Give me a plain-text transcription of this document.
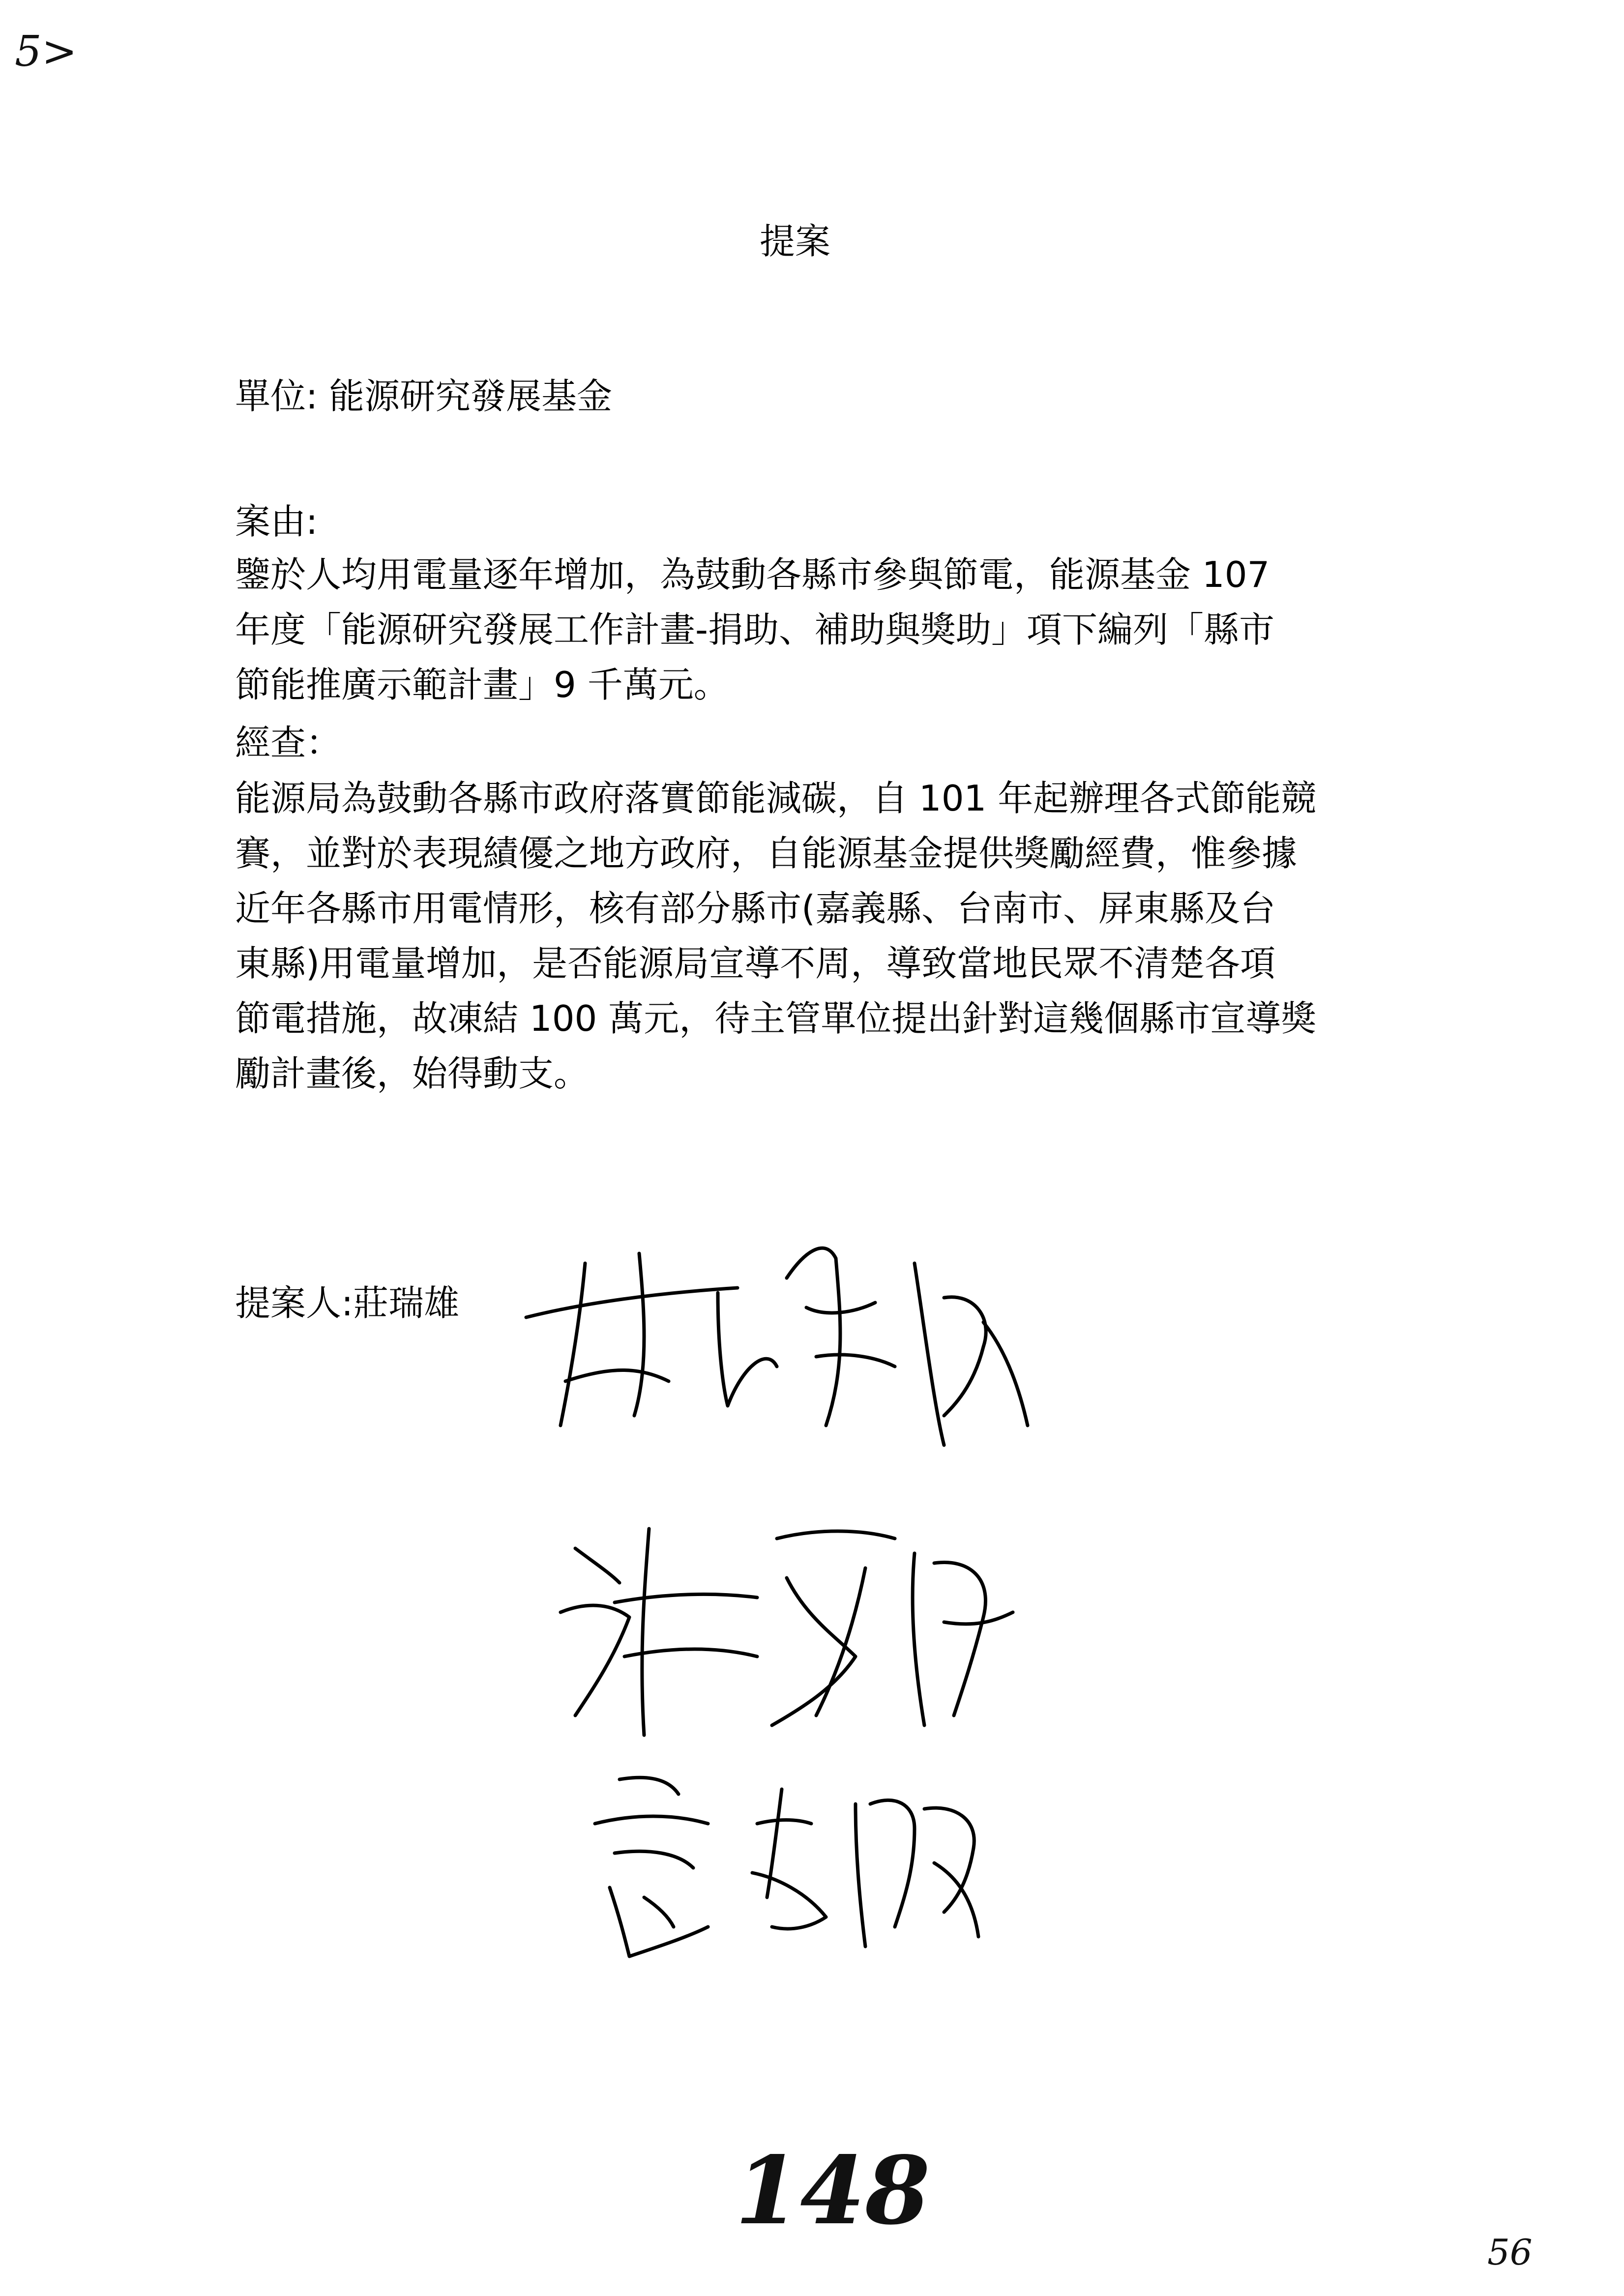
5>
提案
單位: 能源研究發展基金
案由:
鑒於人均用電量逐年增加，為鼓動各縣市參與節電，能源基金 107
年度「能源研究發展工作計畫-捐助、補助與獎助」項下編列「縣市
節能推廣示範計畫」9 千萬元。
經查：
能源局為鼓動各縣市政府落實節能減碳，自 101 年起辦理各式節能競
賽，並對於表現績優之地方政府，自能源基金提供獎勵經費，惟參據
近年各縣市用電情形，核有部分縣市(嘉義縣、台南市、屏東縣及台
東縣)用電量增加，是否能源局宣導不周，導致當地民眾不清楚各項
節電措施，故凍結 100 萬元，待主管單位提出針對這幾個縣市宣導獎
勵計畫後，始得動支。
提案人:莊瑞雄
148
56
